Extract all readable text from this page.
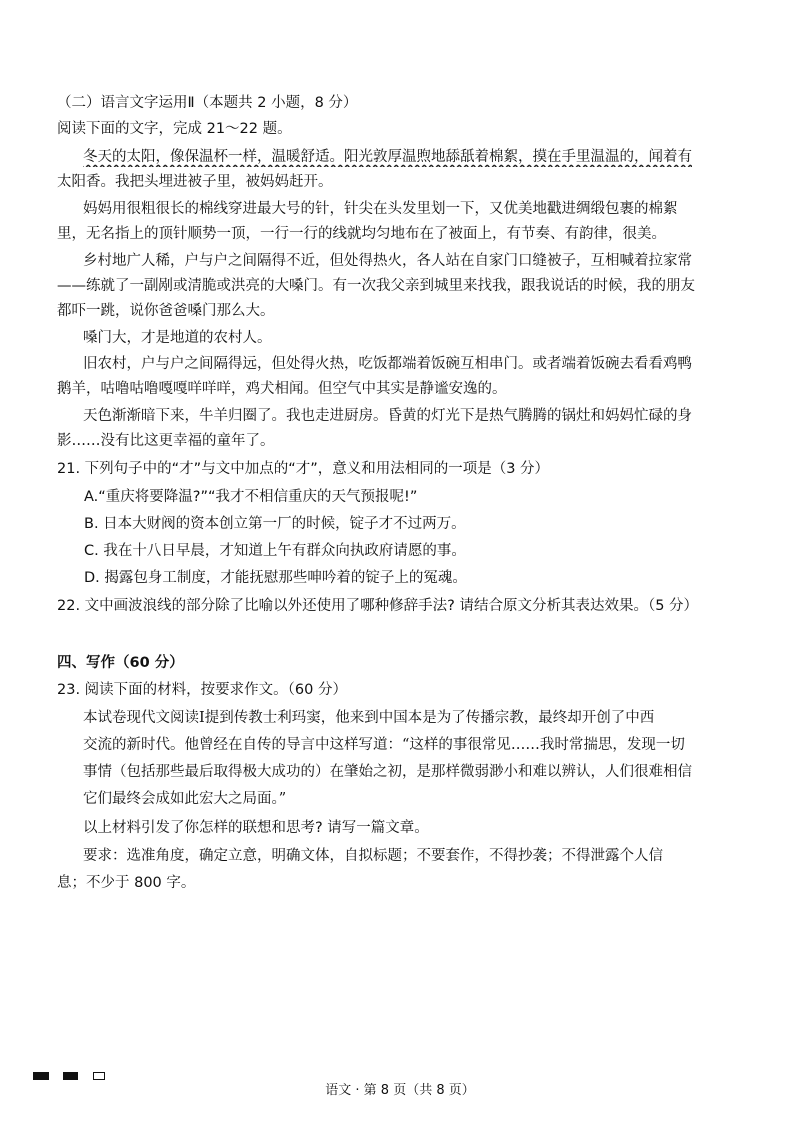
（二）语言文字运用Ⅱ（本题共 2 小题，8 分）
阅读下面的文字，完成 21～22 题。
冬天的太阳，像保温杯一样，温暖舒适。阳光敦厚温煦地舔舐着棉絮，摸在手里温温的，闻着有
太阳香。我把头埋进被子里，被妈妈赶开。
妈妈用很粗很长的棉线穿进最大号的针，针尖在头发里划一下，又优美地戳进绸缎包裹的棉絮
里，无名指上的顶针顺势一顶，一行一行的线就均匀地布在了被面上，有节奏、有韵律，很美。
乡村地广人稀，户与户之间隔得不近，但处得热火，各人站在自家门口缝被子，互相喊着拉家常
——练就了一副剐或清脆或洪亮的大嗓门。有一次我父亲到城里来找我，跟我说话的时候，我的朋友
都吓一跳，说你爸爸嗓门那么大。
嗓门大，才是地道的农村人。
旧农村，户与户之间隔得远，但处得火热，吃饭都端着饭碗互相串门。或者端着饭碗去看看鸡鸭
鹅羊，咕噜咕噜嘎嘎咩咩咩，鸡犬相闻。但空气中其实是静谧安逸的。
天色渐渐暗下来，牛羊归圈了。我也走进厨房。昏黄的灯光下是热气腾腾的锅灶和妈妈忙碌的身
影……没有比这更幸福的童年了。
21. 下列句子中的“才”与文中加点的“才”，意义和用法相同的一项是（3 分）
A.“重庆将要降温?”“我才不相信重庆的天气预报呢!”
B. 日本大财阀的资本创立第一厂的时候，锭子才不过两万。
C. 我在十八日早晨，才知道上午有群众向执政府请愿的事。
D. 揭露包身工制度，才能抚慰那些呻吟着的锭子上的冤魂。
22. 文中画波浪线的部分除了比喻以外还使用了哪种修辞手法? 请结合原文分析其表达效果。（5 分）
四、写作（60 分）
23. 阅读下面的材料，按要求作文。（60 分）
本试卷现代文阅读Ⅰ提到传教士利玛窦，他来到中国本是为了传播宗教，最终却开创了中西
交流的新时代。他曾经在自传的导言中这样写道：“这样的事很常见……我时常揣思，发现一切
事情（包括那些最后取得极大成功的）在肇始之初，是那样微弱渺小和难以辨认，人们很难相信
它们最终会成如此宏大之局面。”
以上材料引发了你怎样的联想和思考? 请写一篇文章。
要求：选准角度，确定立意，明确文体，自拟标题；不要套作，不得抄袭；不得泄露个人信
息；不少于 800 字。
语文 · 第 8 页（共 8 页）
